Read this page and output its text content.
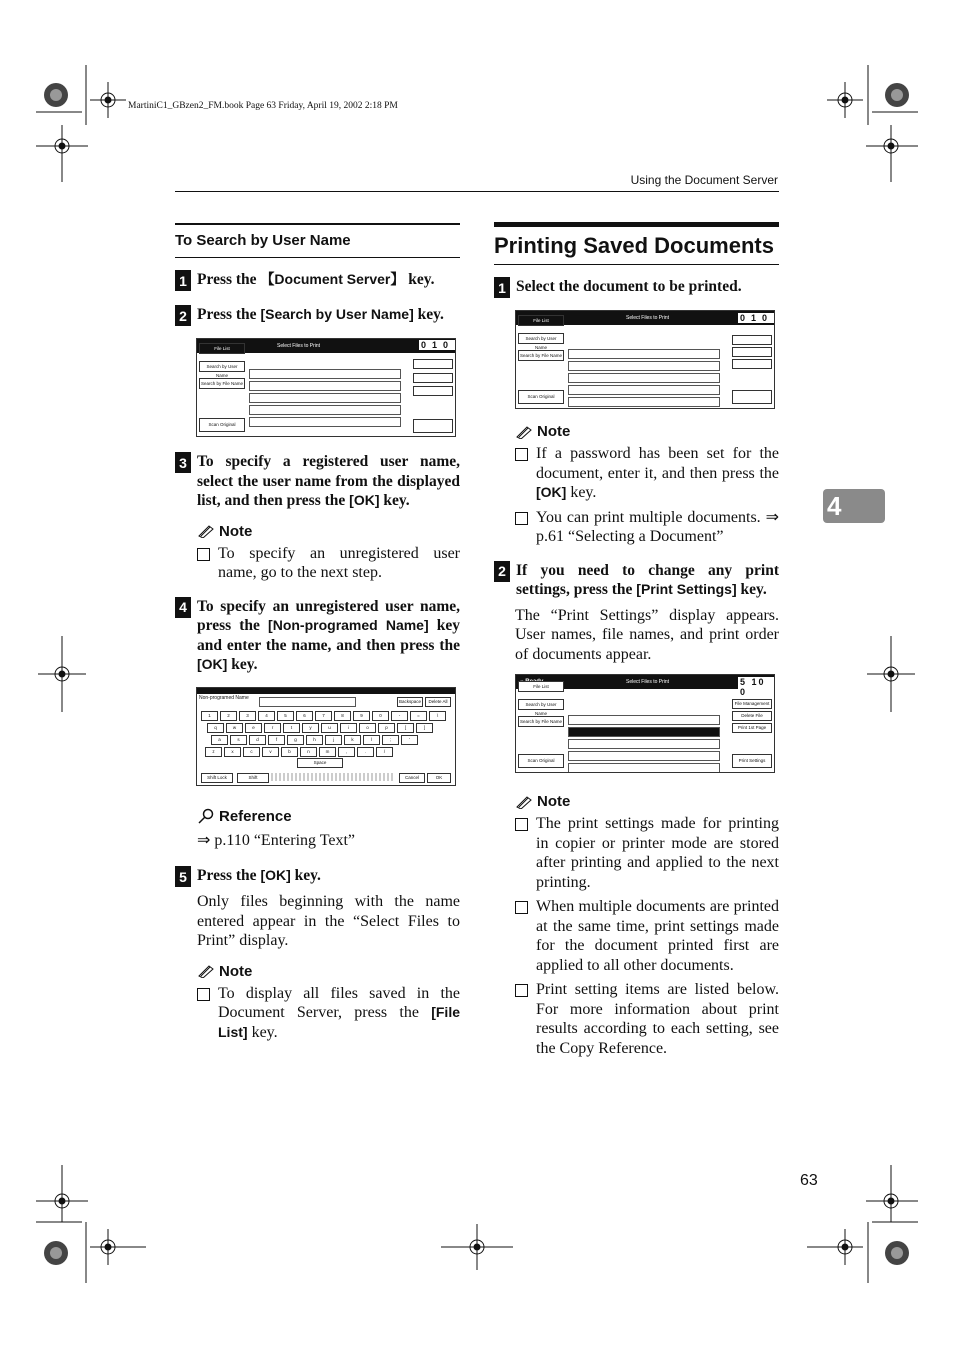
MartiniC1_GBzen2_FM.book Page 63 Friday, April 19, 2002 2:18 PM
Using the Document Server
4
63
To Search by User Name
1 Press the 【Document Server】 key.
2 Press the [Search by User Name] key.
File List	Select Files to Print
Search by User Name
Search by File Name
Scan Original
010
3 To specify a registered user name, select the user name from the displayed list, and then press the [OK] key.
Note
To specify an unregistered user name, go to the next step.
4 To specify an unregistered user name, press the [Non-programed Name] key and enter the name, and then press the [OK] key.
Non-programed Name
Backspace	Delete All
1	2	3	4	5	6	7	8	9	0	-	=	\
q	w	e	r	t	y	u	i	o	p	[	]
a	s	d	f	g	h	j	k	l	;	'
z	x	c	v	b	n	m	,	.	/
Space
Shift Lock	Shift	Cancel	OK
Reference
⇒ p.110 “Entering Text”
5 Press the [OK] key.
Only files beginning with the name entered appear in the “Select Files to Print” display.
Note
To display all files saved in the Document Server, press the [File List] key.
Printing Saved Documents
1 Select the document to be printed.
File List	Select Files to Print
Search by User Name
Search by File Name
Scan Original
010
Note
If a password has been set for the document, enter it, and then press the [OK] key.
You can print multiple documents. ⇒ p.61 “Selecting a Document”
2 If you need to change any print settings, press the [Print Settings] key.
The “Print Settings” display appears. User names, file names, and print order of documents appear.
Select Files to Print
File List
Search by User Name
Search by File Name
Scan Original
File Management
Delete File
Print 1st Page
Print Settings
5 10 0
Note
The print settings made for printing in copier or printer mode are stored after printing and applied to the next printing.
When multiple documents are printed at the same time, print settings made for the document printed first are applied to all other documents.
Print setting items are listed below. For more information about print results according to each setting, see the Copy Reference.
